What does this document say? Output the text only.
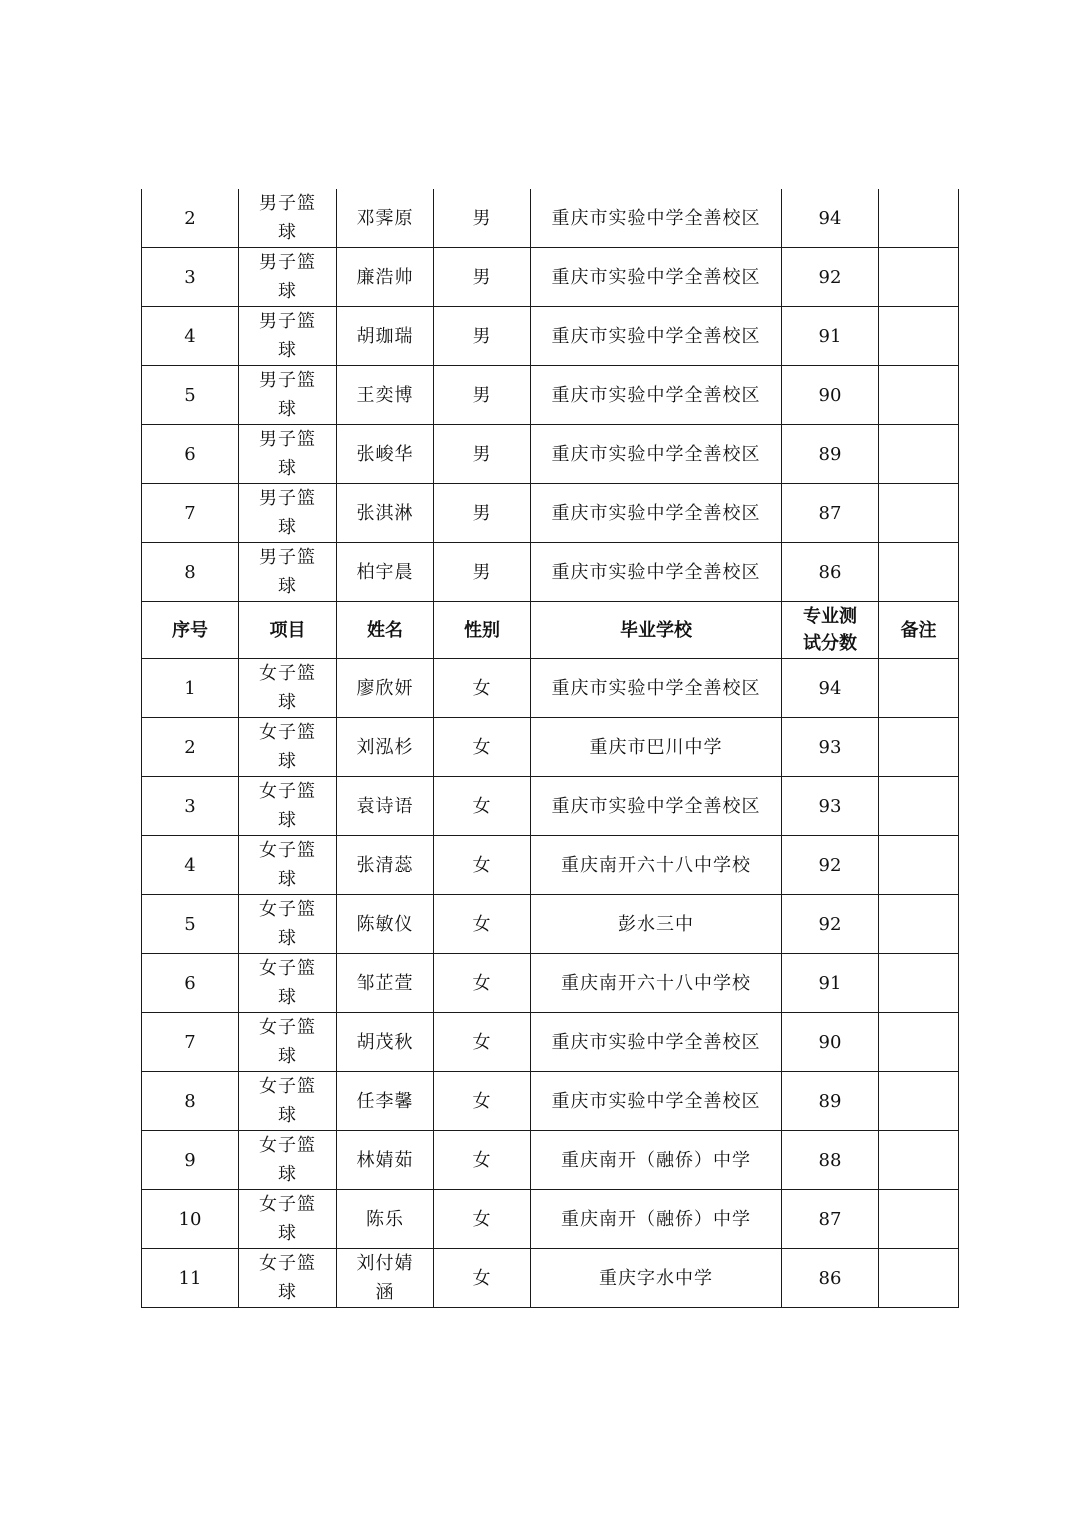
2	男子篮球	邓霁原	男	重庆市实验中学全善校区	94	
3	男子篮球	廉浩帅	男	重庆市实验中学全善校区	92	
4	男子篮球	胡珈瑞	男	重庆市实验中学全善校区	91	
5	男子篮球	王奕博	男	重庆市实验中学全善校区	90	
6	男子篮球	张峻华	男	重庆市实验中学全善校区	89	
7	男子篮球	张淇淋	男	重庆市实验中学全善校区	87	
8	男子篮球	柏宇晨	男	重庆市实验中学全善校区	86	
序号	项目	姓名	性别	毕业学校	专业测试分数	备注
1	女子篮球	廖欣妍	女	重庆市实验中学全善校区	94	
2	女子篮球	刘泓杉	女	重庆市巴川中学	93	
3	女子篮球	袁诗语	女	重庆市实验中学全善校区	93	
4	女子篮球	张清蕊	女	重庆南开六十八中学校	92	
5	女子篮球	陈敏仪	女	彭水三中	92	
6	女子篮球	邹芷萱	女	重庆南开六十八中学校	91	
7	女子篮球	胡茂秋	女	重庆市实验中学全善校区	90	
8	女子篮球	任李馨	女	重庆市实验中学全善校区	89	
9	女子篮球	林婧茹	女	重庆南开（融侨）中学	88	
10	女子篮球	陈乐	女	重庆南开（融侨）中学	87	
11	女子篮球	刘付婧涵	女	重庆字水中学	86	
